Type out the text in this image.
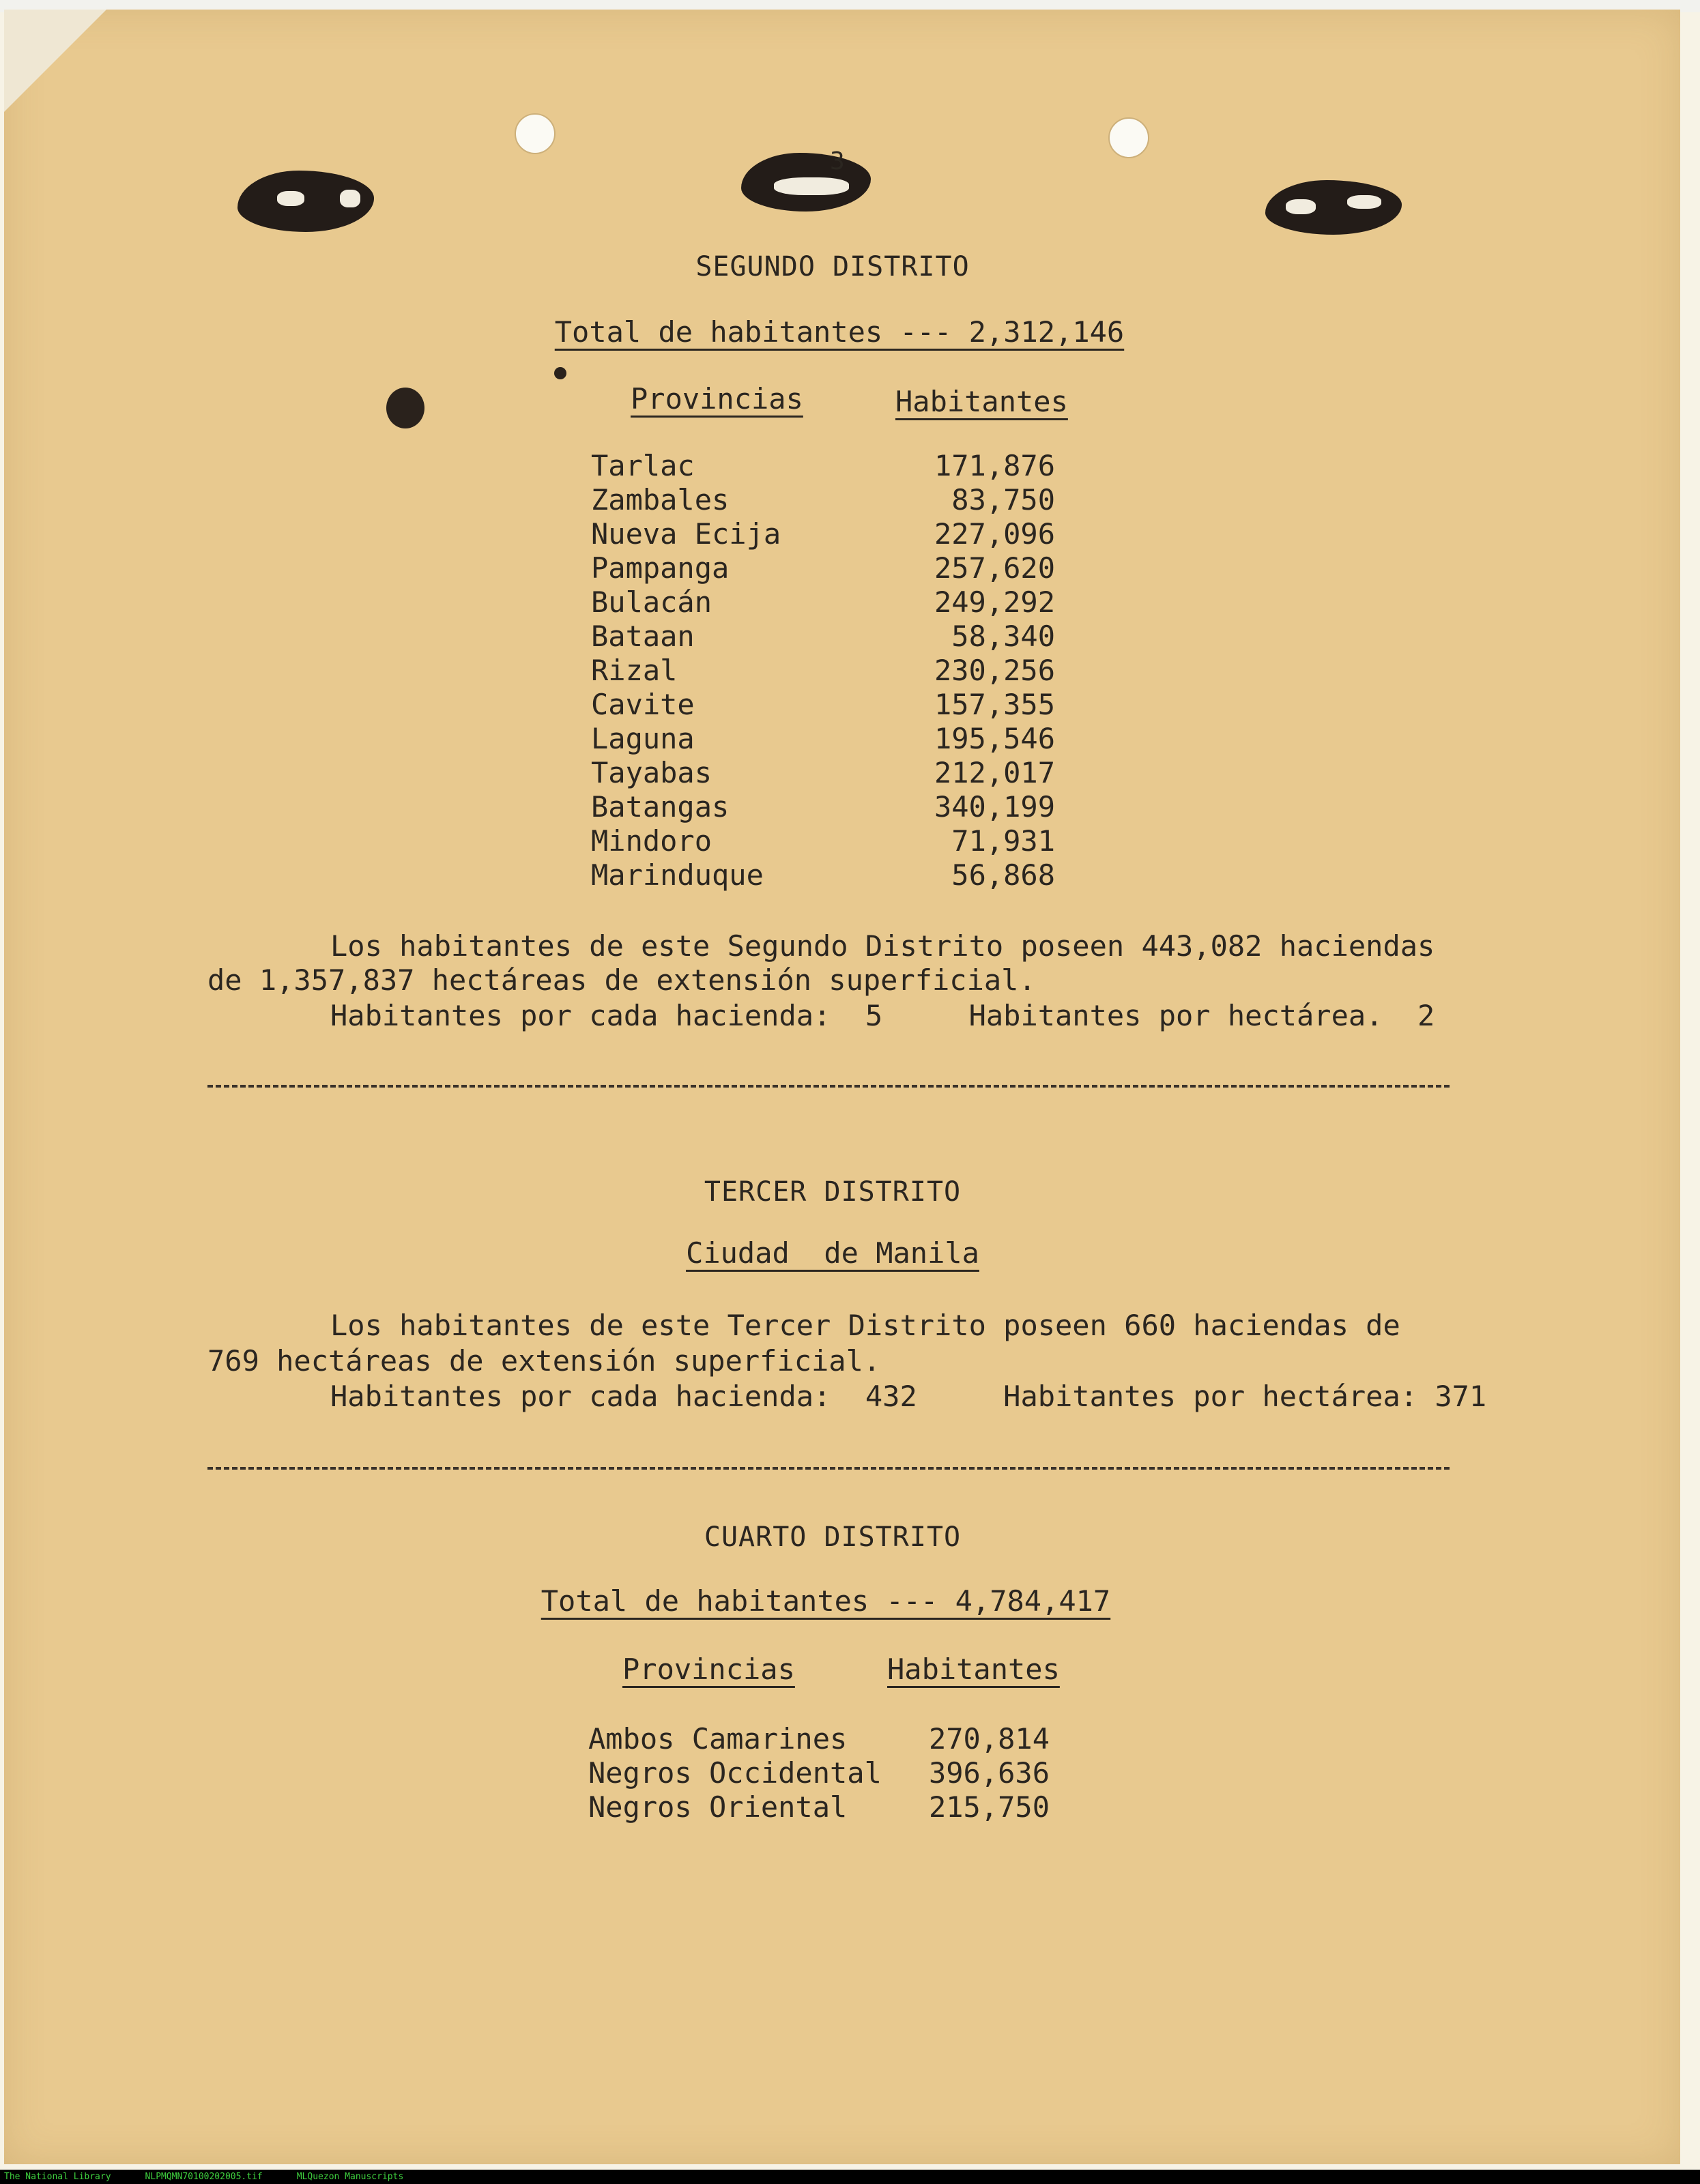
3
SEGUNDO DISTRITO
Total de habitantes --- 2,312,146
Provincias	Habitantes
Tarlac	171,876
Zambales	83,750
Nueva Ecija	227,096
Pampanga	257,620
Bulacán	249,292
Bataan	58,340
Rizal	230,256
Cavite	157,355
Laguna	195,546
Tayabas	212,017
Batangas	340,199
Mindoro	71,931
Marinduque	56,868
Los habitantes de este Segundo Distrito poseen 443,082 haciendas
de 1,357,837 hectáreas de extensión superficial.
Habitantes por cada hacienda:  5     Habitantes por hectárea.  2
TERCER DISTRITO
Ciudad  de Manila
Los habitantes de este Tercer Distrito poseen 660 haciendas de
769 hectáreas de extensión superficial.
Habitantes por cada hacienda:  432     Habitantes por hectárea: 371
CUARTO DISTRITO
Total de habitantes --- 4,784,417
Provincias	Habitantes
Ambos Camarines	270,814
Negros Occidental 396,636
Negros Oriental	215,750
The National Library	NLPMQMN70100202005.tif	MLQuezon Manuscripts
